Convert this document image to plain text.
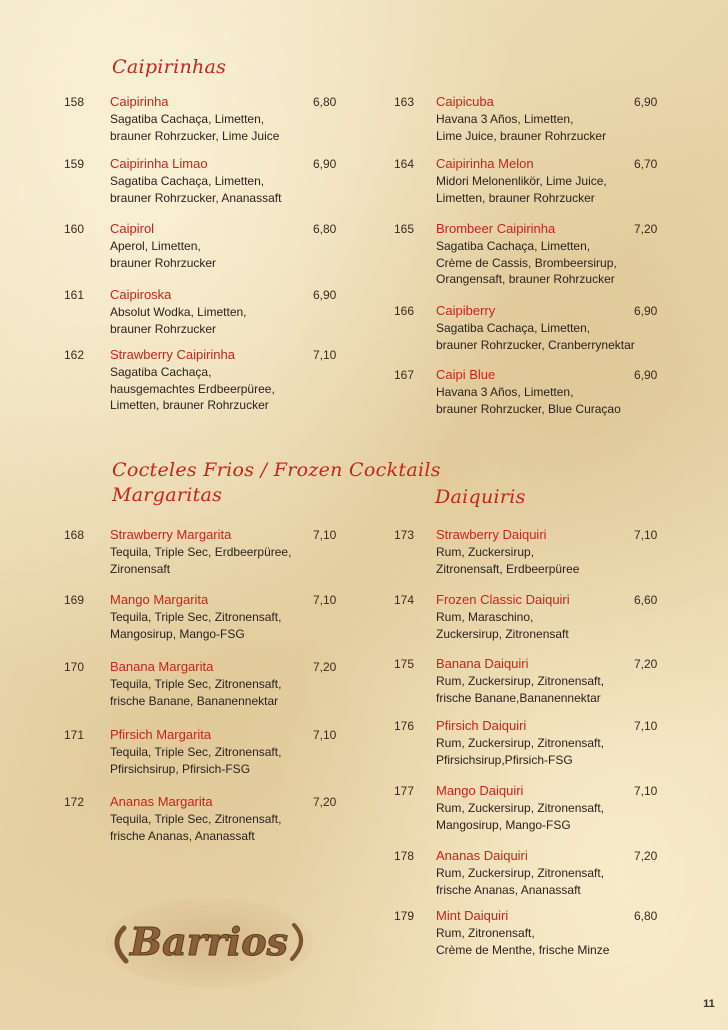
Caipirinhas
158 Caipirinha	6,80
Sagatiba Cachaça, Limetten,
brauner Rohrzucker, Lime Juice
159 Caipirinha Limao	6,90
Sagatiba Cachaça, Limetten,
brauner Rohrzucker, Ananassaft
160 Caipirol	6,80
Aperol, Limetten,
brauner Rohrzucker
161 Caipiroska	6,90
Absolut Wodka, Limetten,
brauner Rohrzucker
162 Strawberry Caipirinha	7,10
Sagatiba Cachaça,
hausgemachtes Erdbeerpüree,
Limetten, brauner Rohrzucker
163 Caipicuba	6,90
Havana 3 Años, Limetten,
Lime Juice, brauner Rohrzucker
164 Caipirinha Melon	6,70
Midori Melonenlikör, Lime Juice,
Limetten, brauner Rohrzucker
165 Brombeer Caipirinha	7,20
Sagatiba Cachaça, Limetten,
Crème de Cassis, Brombeersirup,
Orangensaft, brauner Rohrzucker
166 Caipiberry	6,90
Sagatiba Cachaça, Limetten,
brauner Rohrzucker, Cranberrynektar
167 Caipi Blue	6,90
Havana 3 Años, Limetten,
brauner Rohrzucker, Blue Curaçao
Cocteles Frios / Frozen Cocktails
Margaritas	Daiquiris
168 Strawberry Margarita	7,10
Tequila, Triple Sec, Erdbeerpüree,
Zironensaft
169 Mango Margarita	7,10
Tequila, Triple Sec, Zitronensaft,
Mangosirup, Mango-FSG
170 Banana Margarita	7,20
Tequila, Triple Sec, Zitronensaft,
frische Banane, Bananennektar
171 Pfirsich Margarita	7,10
Tequila, Triple Sec, Zitronensaft,
Pfirsichsirup, Pfirsich-FSG
172 Ananas Margarita	7,20
Tequila, Triple Sec, Zitronensaft,
frische Ananas, Ananassaft
173 Strawberry Daiquiri	7,10
Rum, Zuckersirup,
Zitronensaft, Erdbeerpüree
174 Frozen Classic Daiquiri	6,60
Rum, Maraschino,
Zuckersirup, Zitronensaft
175 Banana Daiquiri	7,20
Rum, Zuckersirup, Zitronensaft,
frische Banane,Bananennektar
176 Pfirsich Daiquiri	7,10
Rum, Zuckersirup, Zitronensaft,
Pfirsichsirup,Pfirsich-FSG
177 Mango Daiquiri	7,10
Rum, Zuckersirup, Zitronensaft,
Mangosirup, Mango-FSG
178 Ananas Daiquiri	7,20
Rum, Zuckersirup, Zitronensaft,
frische Ananas, Ananassaft
179 Mint Daiquiri	6,80
Rum, Zitronensaft,
Crème de Menthe, frische Minze
Barrios
11
